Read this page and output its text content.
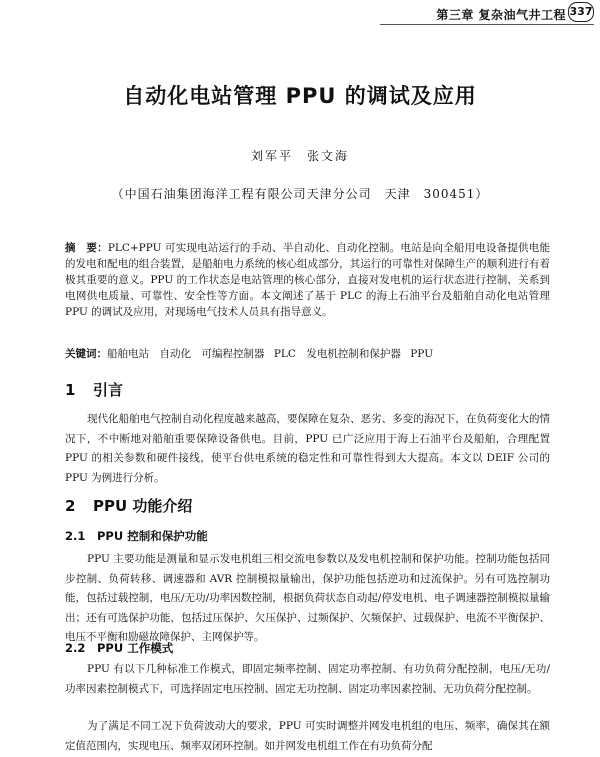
第三章 复杂油气井工程 337
自动化电站管理 PPU 的调试及应用
刘军平　张文海
（中国石油集团海洋工程有限公司天津分公司　天津　300451）
摘　要：PLC+PPU 可实现电站运行的手动、半自动化、自动化控制。电站是向全船用电设备提供电能的发电和配电的组合装置，是船舶电力系统的核心组成部分，其运行的可靠性对保障生产的顺利进行有着极其重要的意义。PPU 的工作状态是电站管理的核心部分，直接对发电机的运行状态进行控制，关系到电网供电质量、可靠性、安全性等方面。本文阐述了基于 PLC 的海上石油平台及船舶自动化电站管理 PPU 的调试及应用，对现场电气技术人员具有指导意义。
关键词：船舶电站　自动化　可编程控制器 PLC　发电机控制和保护器 PPU
1 引言
现代化船舶电气控制自动化程度越来越高，要保障在复杂、恶劣、多变的海况下，在负荷变化大的情况下，不中断地对船舶重要保障设备供电。目前，PPU 已广泛应用于海上石油平台及船舶，合理配置 PPU 的相关参数和硬件接线，使平台供电系统的稳定性和可靠性得到大大提高。本文以 DEIF 公司的 PPU 为例进行分析。
2 PPU 功能介绍
2.1 PPU 控制和保护功能
PPU 主要功能是测量和显示发电机组三相交流电参数以及发电机控制和保护功能。控制功能包括同步控制、负荷转移、调速器和 AVR 控制模拟量输出，保护功能包括逆功和过流保护。另有可选控制功能，包括过载控制，电压/无功/功率因数控制，根据负荷状态自动起/停发电机、电子调速器控制模拟量输出；还有可选保护功能，包括过压保护、欠压保护、过频保护、欠频保护、过载保护、电流不平衡保护、电压不平衡和励磁故障保护、主网保护等。
2.2 PPU 工作模式
PPU 有以下几种标准工作模式，即固定频率控制、固定功率控制、有功负荷分配控制，电压/无功/功率因素控制模式下，可选择固定电压控制、固定无功控制、固定功率因素控制、无功负荷分配控制。
为了满足不同工况下负荷波动大的要求，PPU 可实时调整并网发电机组的电压、频率，确保其在额定值范围内，实现电压、频率双闭环控制。如并网发电机组工作在有功负荷分配
